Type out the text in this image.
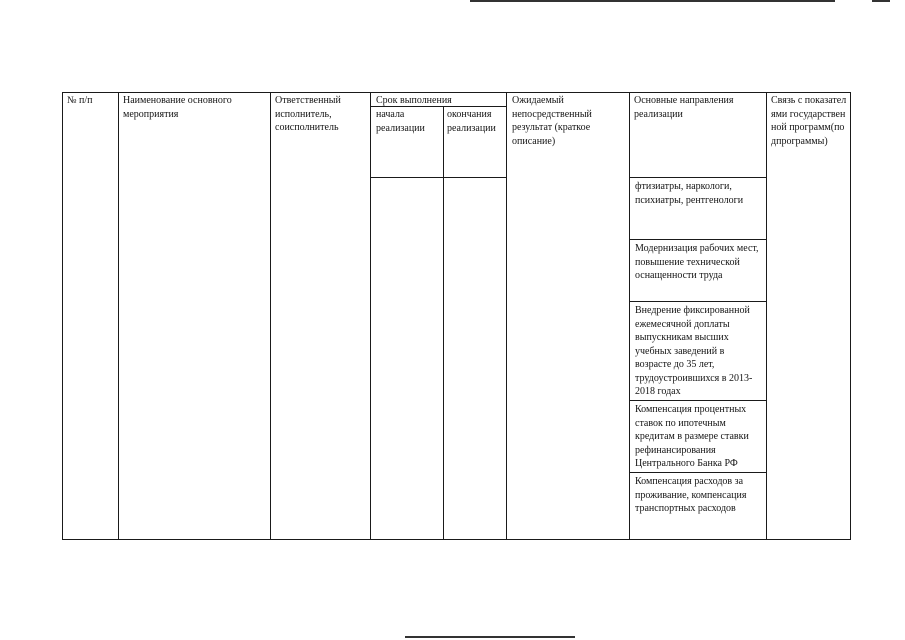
№ п/п	Наименование основного мероприятия
Ответственный исполнитель, соисполнитель
Срок выполнения
начала реализации
окончания реализации
Ожидаемый непосредственный результат (краткое описание)
Основные направления реализации
Связь с показателями государственной программ(подпрограммы)
фтизиатры, наркологи, психиатры, рентгенологи
Модернизация рабочих мест, повышение технической оснащенности труда
Внедрение фиксированной ежемесячной доплаты выпускникам высших учебных заведений в возрасте до 35 лет, трудоустроившихся в 2013-2018 годах
Компенсация процентных ставок по ипотечным кредитам в размере ставки рефинансирования Центрального Банка РФ
Компенсация расходов за проживание, компенсация транспортных расходов
